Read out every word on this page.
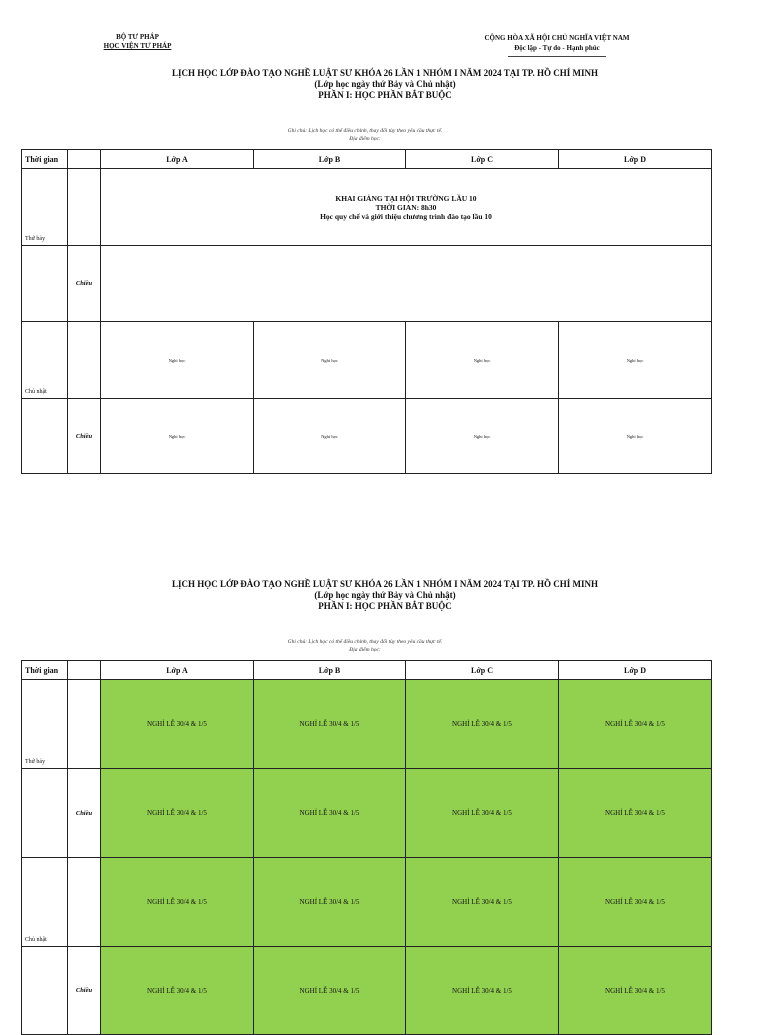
BỘ TƯ PHÁP
HỌC VIỆN TƯ PHÁP
CỘNG HÒA XÃ HỘI CHỦ NGHĨA VIỆT NAM
Độc lập - Tự do - Hạnh phúc
LỊCH HỌC LỚP ĐÀO TẠO NGHỀ LUẬT SƯ KHÓA 26 LẦN 1 NHÓM I NĂM 2024 TẠI TP. HỒ CHÍ MINH
(Lớp học ngày thứ Bảy và Chủ nhật)
PHẦN I: HỌC PHẦN BẮT BUỘC
Ghi chú: Lịch học có thể điều chỉnh, thay đổi tùy theo yêu cầu thực tế.
Địa điểm học:
Thời gian		Lớp A	Lớp B	Lớp C	Lớp D
Thứ bảy		KHAI GIẢNG TẠI HỘI TRƯỜNG LẦU 10
THỜI GIAN: 8h30
Học quy chế và giới thiệu chương trình đào tạo lầu 10			

	Chiều				
Chủ nhật		Nghỉ học	Nghỉ học	Nghỉ học	Nghỉ học
	Chiều	Nghỉ học	Nghỉ học	Nghỉ học	Nghỉ học
LỊCH HỌC LỚP ĐÀO TẠO NGHỀ LUẬT SƯ KHÓA 26 LẦN 1 NHÓM I NĂM 2024 TẠI TP. HỒ CHÍ MINH
(Lớp học ngày thứ Bảy và Chủ nhật)
PHẦN I: HỌC PHẦN BẮT BUỘC
Ghi chú: Lịch học có thể điều chỉnh, thay đổi tùy theo yêu cầu thực tế.
Địa điểm học:
Thời gian		Lớp A	Lớp B	Lớp C	Lớp D
Thứ bảy		NGHỈ LỄ 30/4 & 1/5	NGHỈ LỄ 30/4 & 1/5	NGHỈ LỄ 30/4 & 1/5	NGHỈ LỄ 30/4 & 1/5
	Chiều	NGHỈ LỄ 30/4 & 1/5	NGHỈ LỄ 30/4 & 1/5	NGHỈ LỄ 30/4 & 1/5	NGHỈ LỄ 30/4 & 1/5
Chủ nhật		NGHỈ LỄ 30/4 & 1/5	NGHỈ LỄ 30/4 & 1/5	NGHỈ LỄ 30/4 & 1/5	NGHỈ LỄ 30/4 & 1/5
	Chiều	NGHỈ LỄ 30/4 & 1/5	NGHỈ LỄ 30/4 & 1/5	NGHỈ LỄ 30/4 & 1/5	NGHỈ LỄ 30/4 & 1/5
